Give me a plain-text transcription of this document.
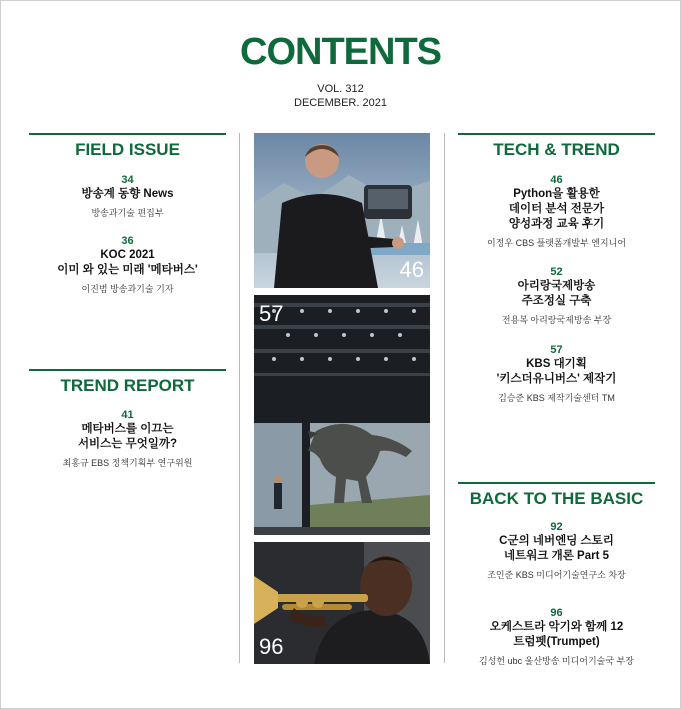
CONTENTS
VOL. 312
DECEMBER. 2021
FIELD ISSUE
34
방송계 동향 News
방송과기술 편집부
36
KOC 2021
이미 와 있는 미래 '메타버스'
이진범 방송과기술 기자
TREND REPORT
41
메타버스를 이끄는
서비스는 무엇일까?
최홍규 EBS 정책기획부 연구위원
46
57
96
TECH & TREND
46
Python을 활용한
데이터 분석 전문가
양성과정 교육 후기
이정우 CBS 플랫폼개발부 엔지니어
52
아리랑국제방송
주조정실 구축
전용복 아리랑국제방송 부장
57
KBS 대기획
'키스더유니버스' 제작기
김승준 KBS 제작기술센터 TM
BACK TO THE BASIC
92
C군의 네버엔딩 스토리
네트워크 개론 Part 5
조인준 KBS 미디어기술연구소 차장
96
오케스트라 악기와 함께 12
트럼펫(Trumpet)
김성헌 ubc 울산방송 미디어기술국 부장
